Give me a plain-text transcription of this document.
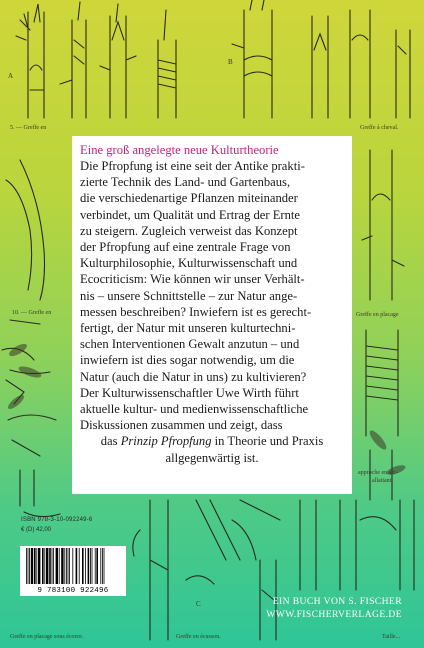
5. — Greffe en	Greffe à cheval.
10. — Greffe en	Greffe en placage
approche en arc-
allaitant.
Greffe en placage sous écorce.	Greffe en écusson.	Taille...
A
B
C

Eine groß angelegte neue Kulturtheorie

Die Pfropfung ist eine seit der Antike prakti-
zierte Technik des Land- und Gartenbaus,
die verschiedenartige Pflanzen miteinander
verbindet, um Qualität und Ertrag der Ernte
zu steigern. Zugleich verweist das Konzept
der Pfropfung auf eine zentrale Frage von
Kulturphilosophie, Kulturwissenschaft und
Ecocriticism: Wie können wir unser Verhält-
nis – unsere Schnittstelle – zur Natur ange-
messen beschreiben? Inwiefern ist es gerecht-
fertigt, der Natur mit unseren kulturtechni-
schen Interventionen Gewalt anzutun – und
inwiefern ist dies sogar notwendig, um die
Natur (auch die Natur in uns) zu kultivieren?
Der Kulturwissenschaftler Uwe Wirth führt
aktuelle kultur- und medienwissenschaftliche
Diskussionen zusammen und zeigt, dass
das Prinzip Pfropfung in Theorie und Praxis
allgegenwärtig ist.

ISBN 978-3-10-092249-6
€ (D) 42,00
9 783100 922496
EIN BUCH VON S. FISCHER
WWW.FISCHERVERLAGE.DE
